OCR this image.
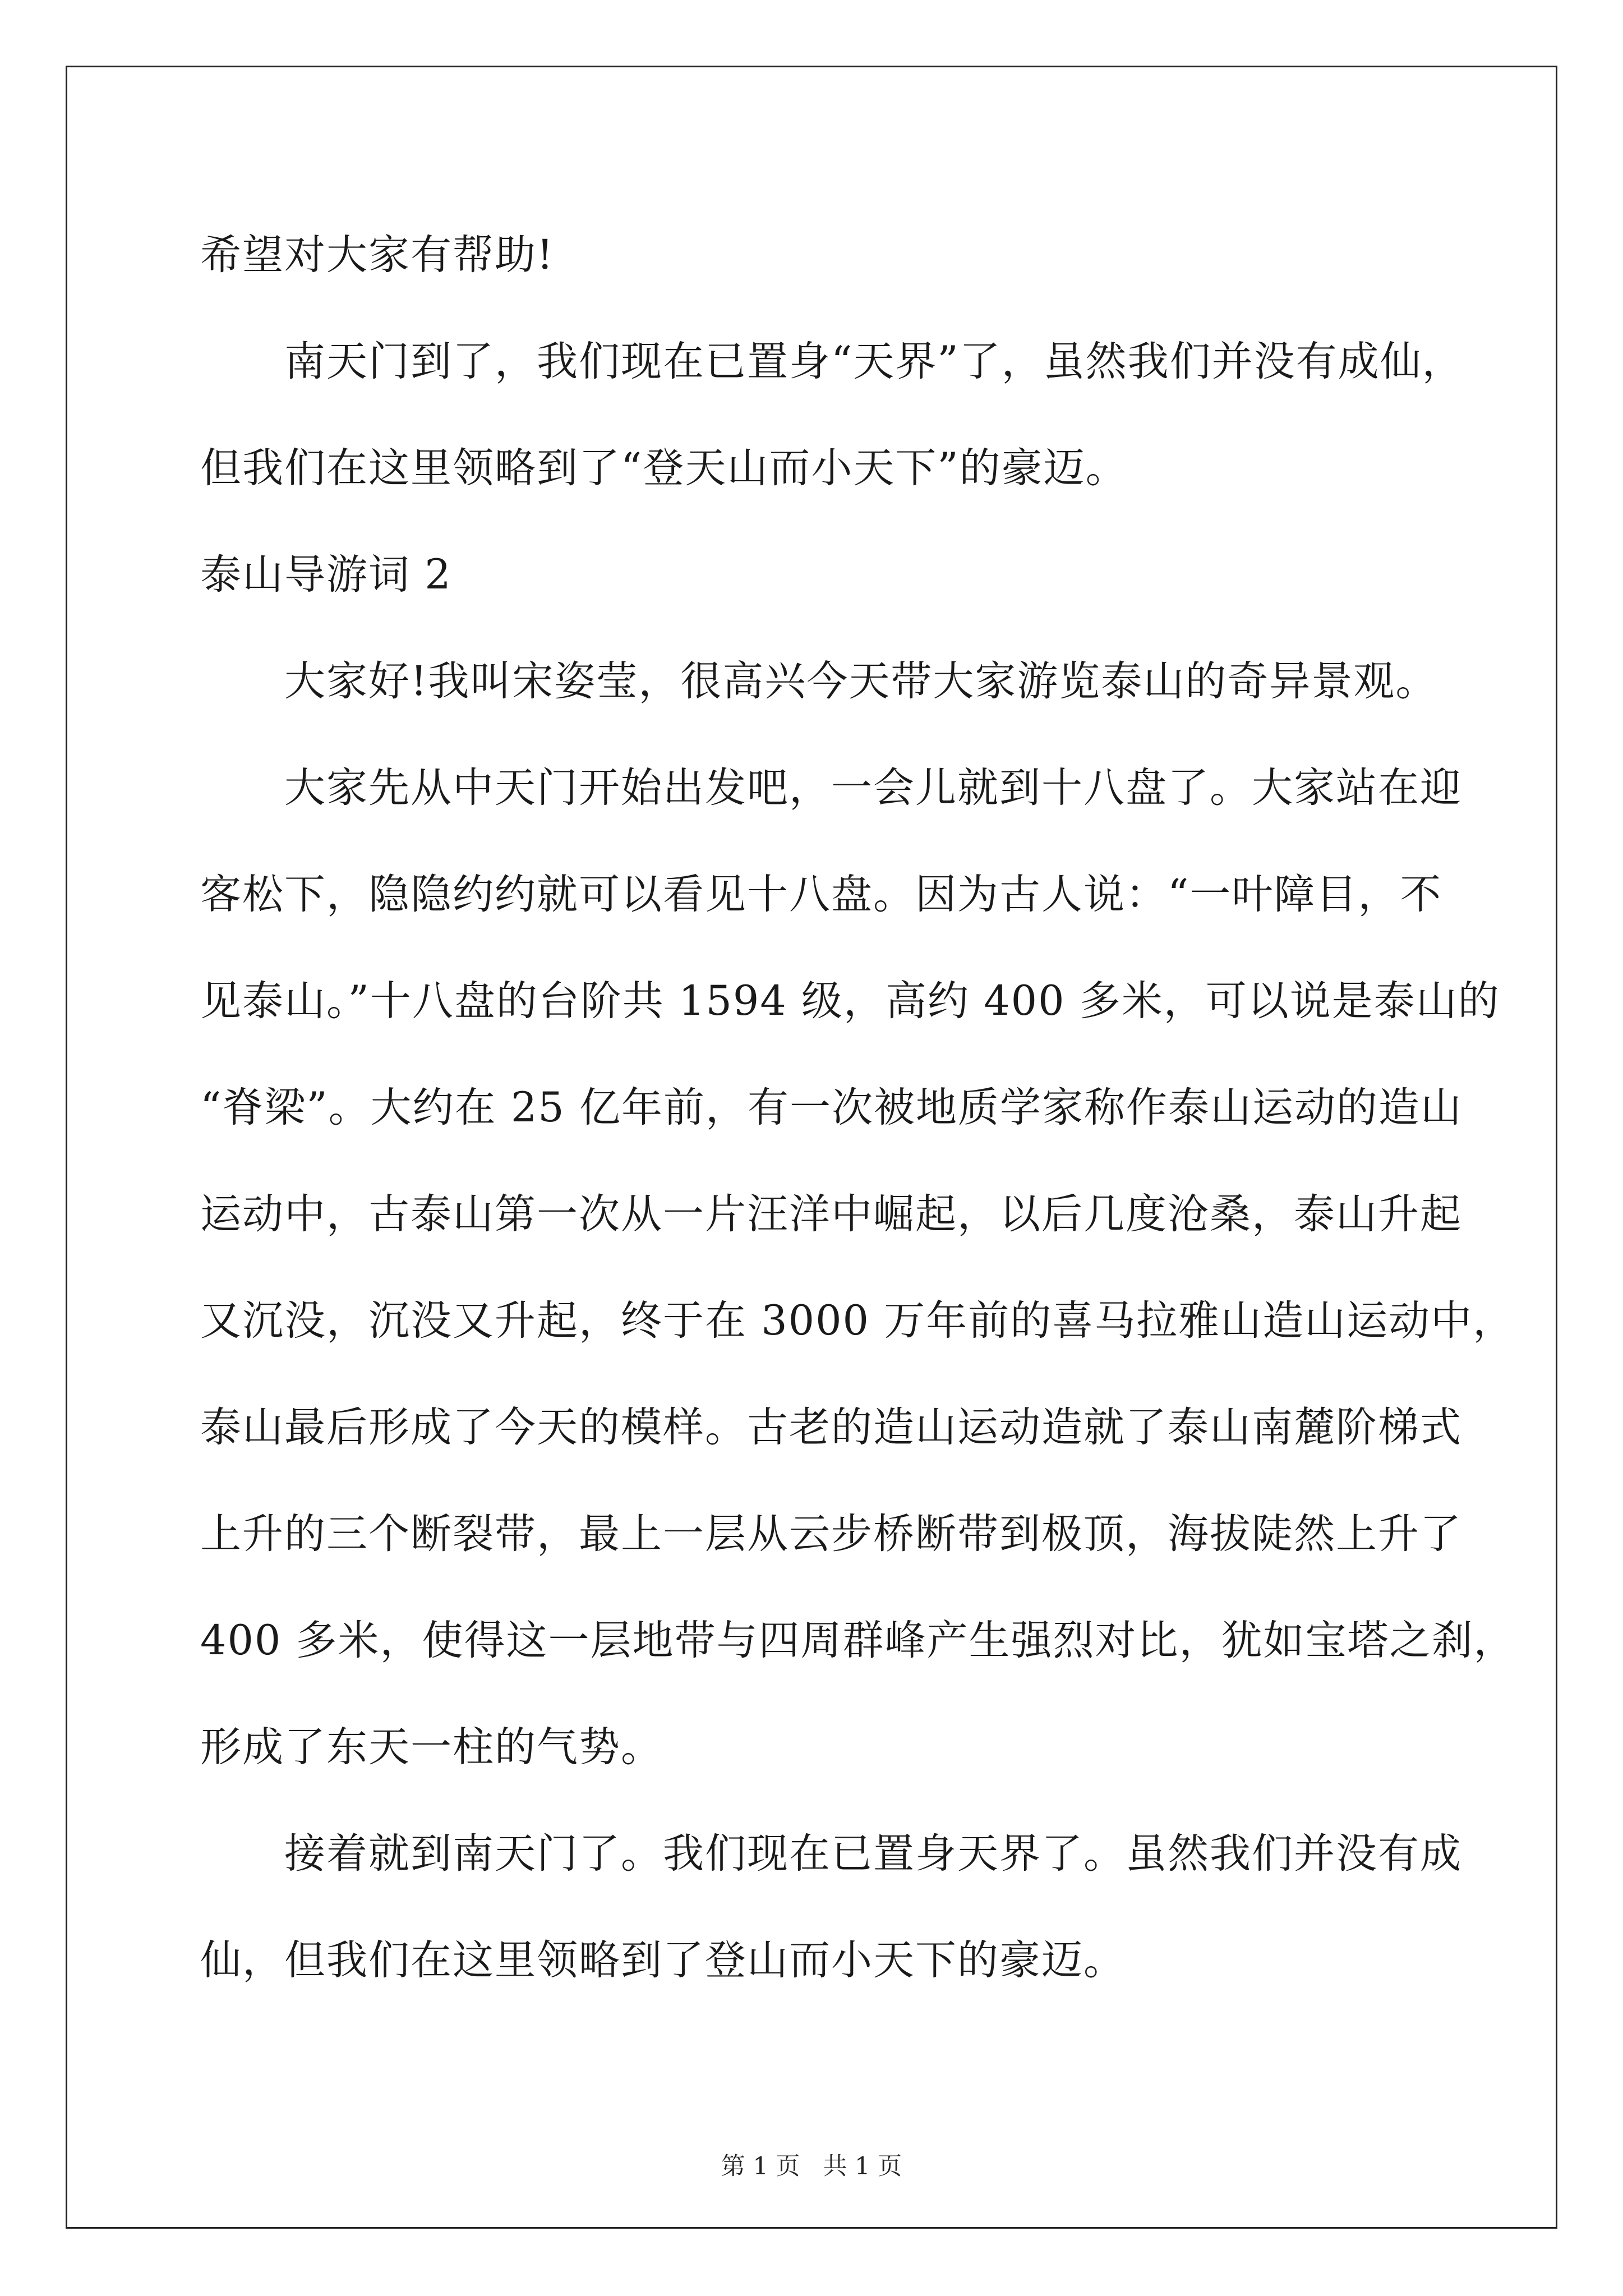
希望对大家有帮助!
南天门到了，我们现在已置身“天界”了，虽然我们并没有成仙，
但我们在这里领略到了“登天山而小天下”的豪迈。
泰山导游词 2
大家好!我叫宋姿莹，很高兴今天带大家游览泰山的奇异景观。
大家先从中天门开始出发吧，一会儿就到十八盘了。大家站在迎
客松下，隐隐约约就可以看见十八盘。因为古人说：“一叶障目，不
见泰山。”十八盘的台阶共 1594 级，高约 400 多米，可以说是泰山的
“脊梁”。大约在 25 亿年前，有一次被地质学家称作泰山运动的造山
运动中，古泰山第一次从一片汪洋中崛起，以后几度沧桑，泰山升起
又沉没，沉没又升起，终于在 3000 万年前的喜马拉雅山造山运动中，
泰山最后形成了今天的模样。古老的造山运动造就了泰山南麓阶梯式
上升的三个断裂带，最上一层从云步桥断带到极顶，海拔陡然上升了
400 多米，使得这一层地带与四周群峰产生强烈对比，犹如宝塔之刹，
形成了东天一柱的气势。
接着就到南天门了。我们现在已置身天界了。虽然我们并没有成
仙，但我们在这里领略到了登山而小天下的豪迈。
第 1 页   共 1 页
